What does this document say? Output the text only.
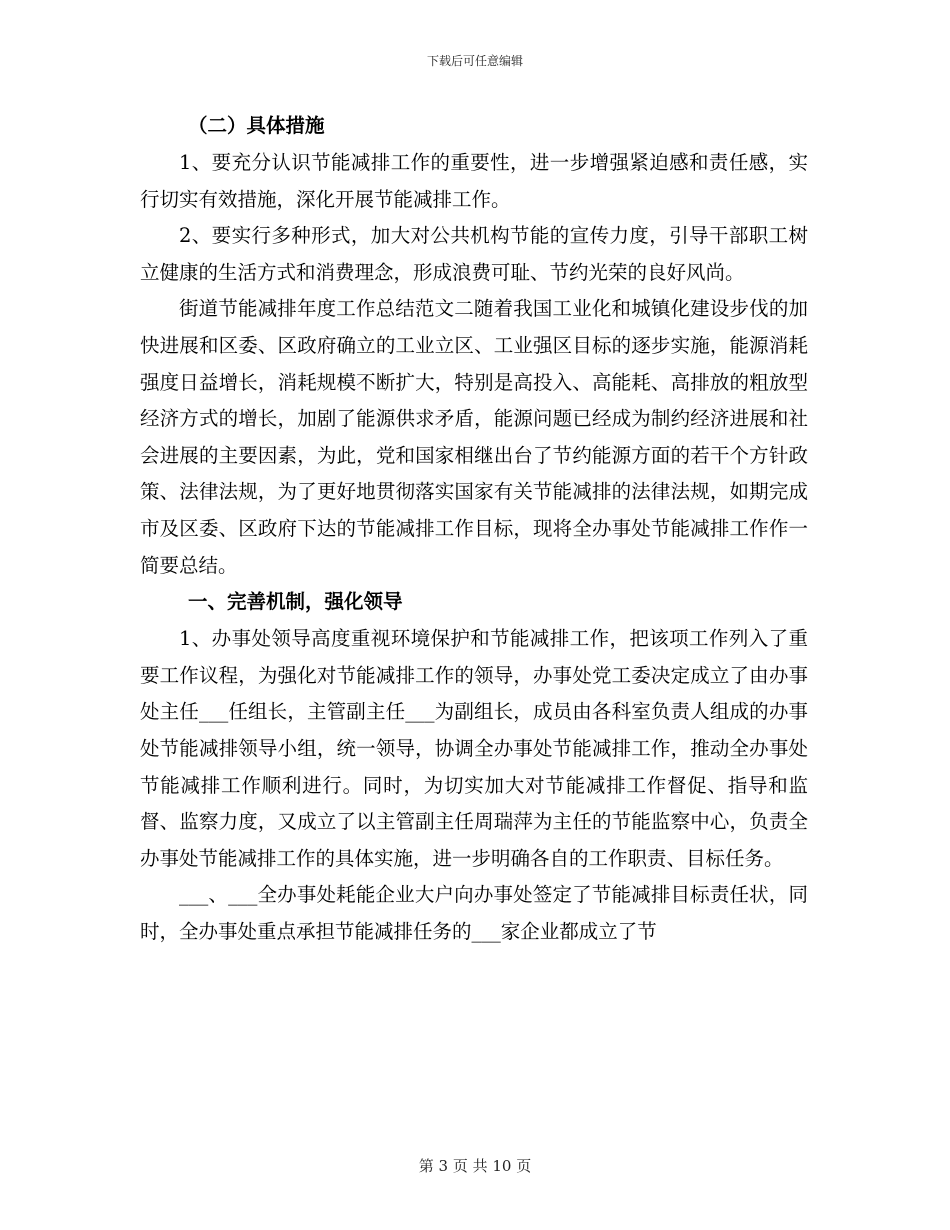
下载后可任意编辑
（二）具体措施

1、要充分认识节能减排工作的重要性，进一步增强紧迫感和责任感，实行切实有效措施，深化开展节能减排工作。

2、要实行多种形式，加大对公共机构节能的宣传力度，引导干部职工树立健康的生活方式和消费理念，形成浪费可耻、节约光荣的良好风尚。

街道节能减排年度工作总结范文二随着我国工业化和城镇化建设步伐的加快进展和区委、区政府确立的工业立区、工业强区目标的逐步实施，能源消耗强度日益增长，消耗规模不断扩大，特别是高投入、高能耗、高排放的粗放型经济方式的增长，加剧了能源供求矛盾，能源问题已经成为制约经济进展和社会进展的主要因素，为此，党和国家相继出台了节约能源方面的若干个方针政策、法律法规，为了更好地贯彻落实国家有关节能减排的法律法规，如期完成市及区委、区政府下达的节能减排工作目标，现将全办事处节能减排工作作一简要总结。

一、完善机制，强化领导

1、办事处领导高度重视环境保护和节能减排工作，把该项工作列入了重要工作议程，为强化对节能减排工作的领导，办事处党工委决定成立了由办事处主任___任组长，主管副主任___为副组长，成员由各科室负责人组成的办事处节能减排领导小组，统一领导，协调全办事处节能减排工作，推动全办事处节能减排工作顺利进行。同时，为切实加大对节能减排工作督促、指导和监督、监察力度，又成立了以主管副主任周瑞萍为主任的节能监察中心，负责全办事处节能减排工作的具体实施，进一步明确各自的工作职责、目标任务。

___、___全办事处耗能企业大户向办事处签定了节能减排目标责任状，同时，全办事处重点承担节能减排任务的___家企业都成立了节

第 3 页 共 10 页
